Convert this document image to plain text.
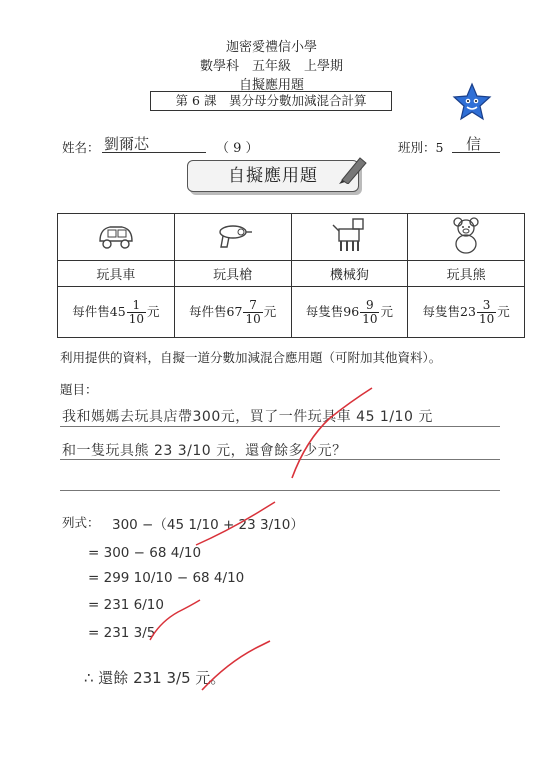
迦密愛禮信小學
數學科　五年級　上學期
自擬應用題
第 6 課　異分母分數加減混合計算
姓名： 劉爾芯	（ 9 ）	班別：5 信
自擬應用題

玩具車	玩具槍	機械狗	玩具熊
每件售$45 \frac{1}{10}$ 元	每件售$67 \frac{7}{10}$ 元	每隻售$96 \frac{9}{10}$ 元	每隻售$23 \frac{3}{10}$ 元
利用提供的資料，自擬一道分數加減混合應用題（可附加其他資料）。
題目：
我和媽媽去玩具店帶300元，買了一件玩具車 45 1/10 元
和一隻玩具熊 23 3/10 元，還會餘多少元？
列式： 300 −（45 1/10 + 23 3/10）
= 300 − 68 4/10
= 299 10/10 − 68 4/10
= 231 6/10
= 231 3/5
∴ 還餘 231 3/5 元。
